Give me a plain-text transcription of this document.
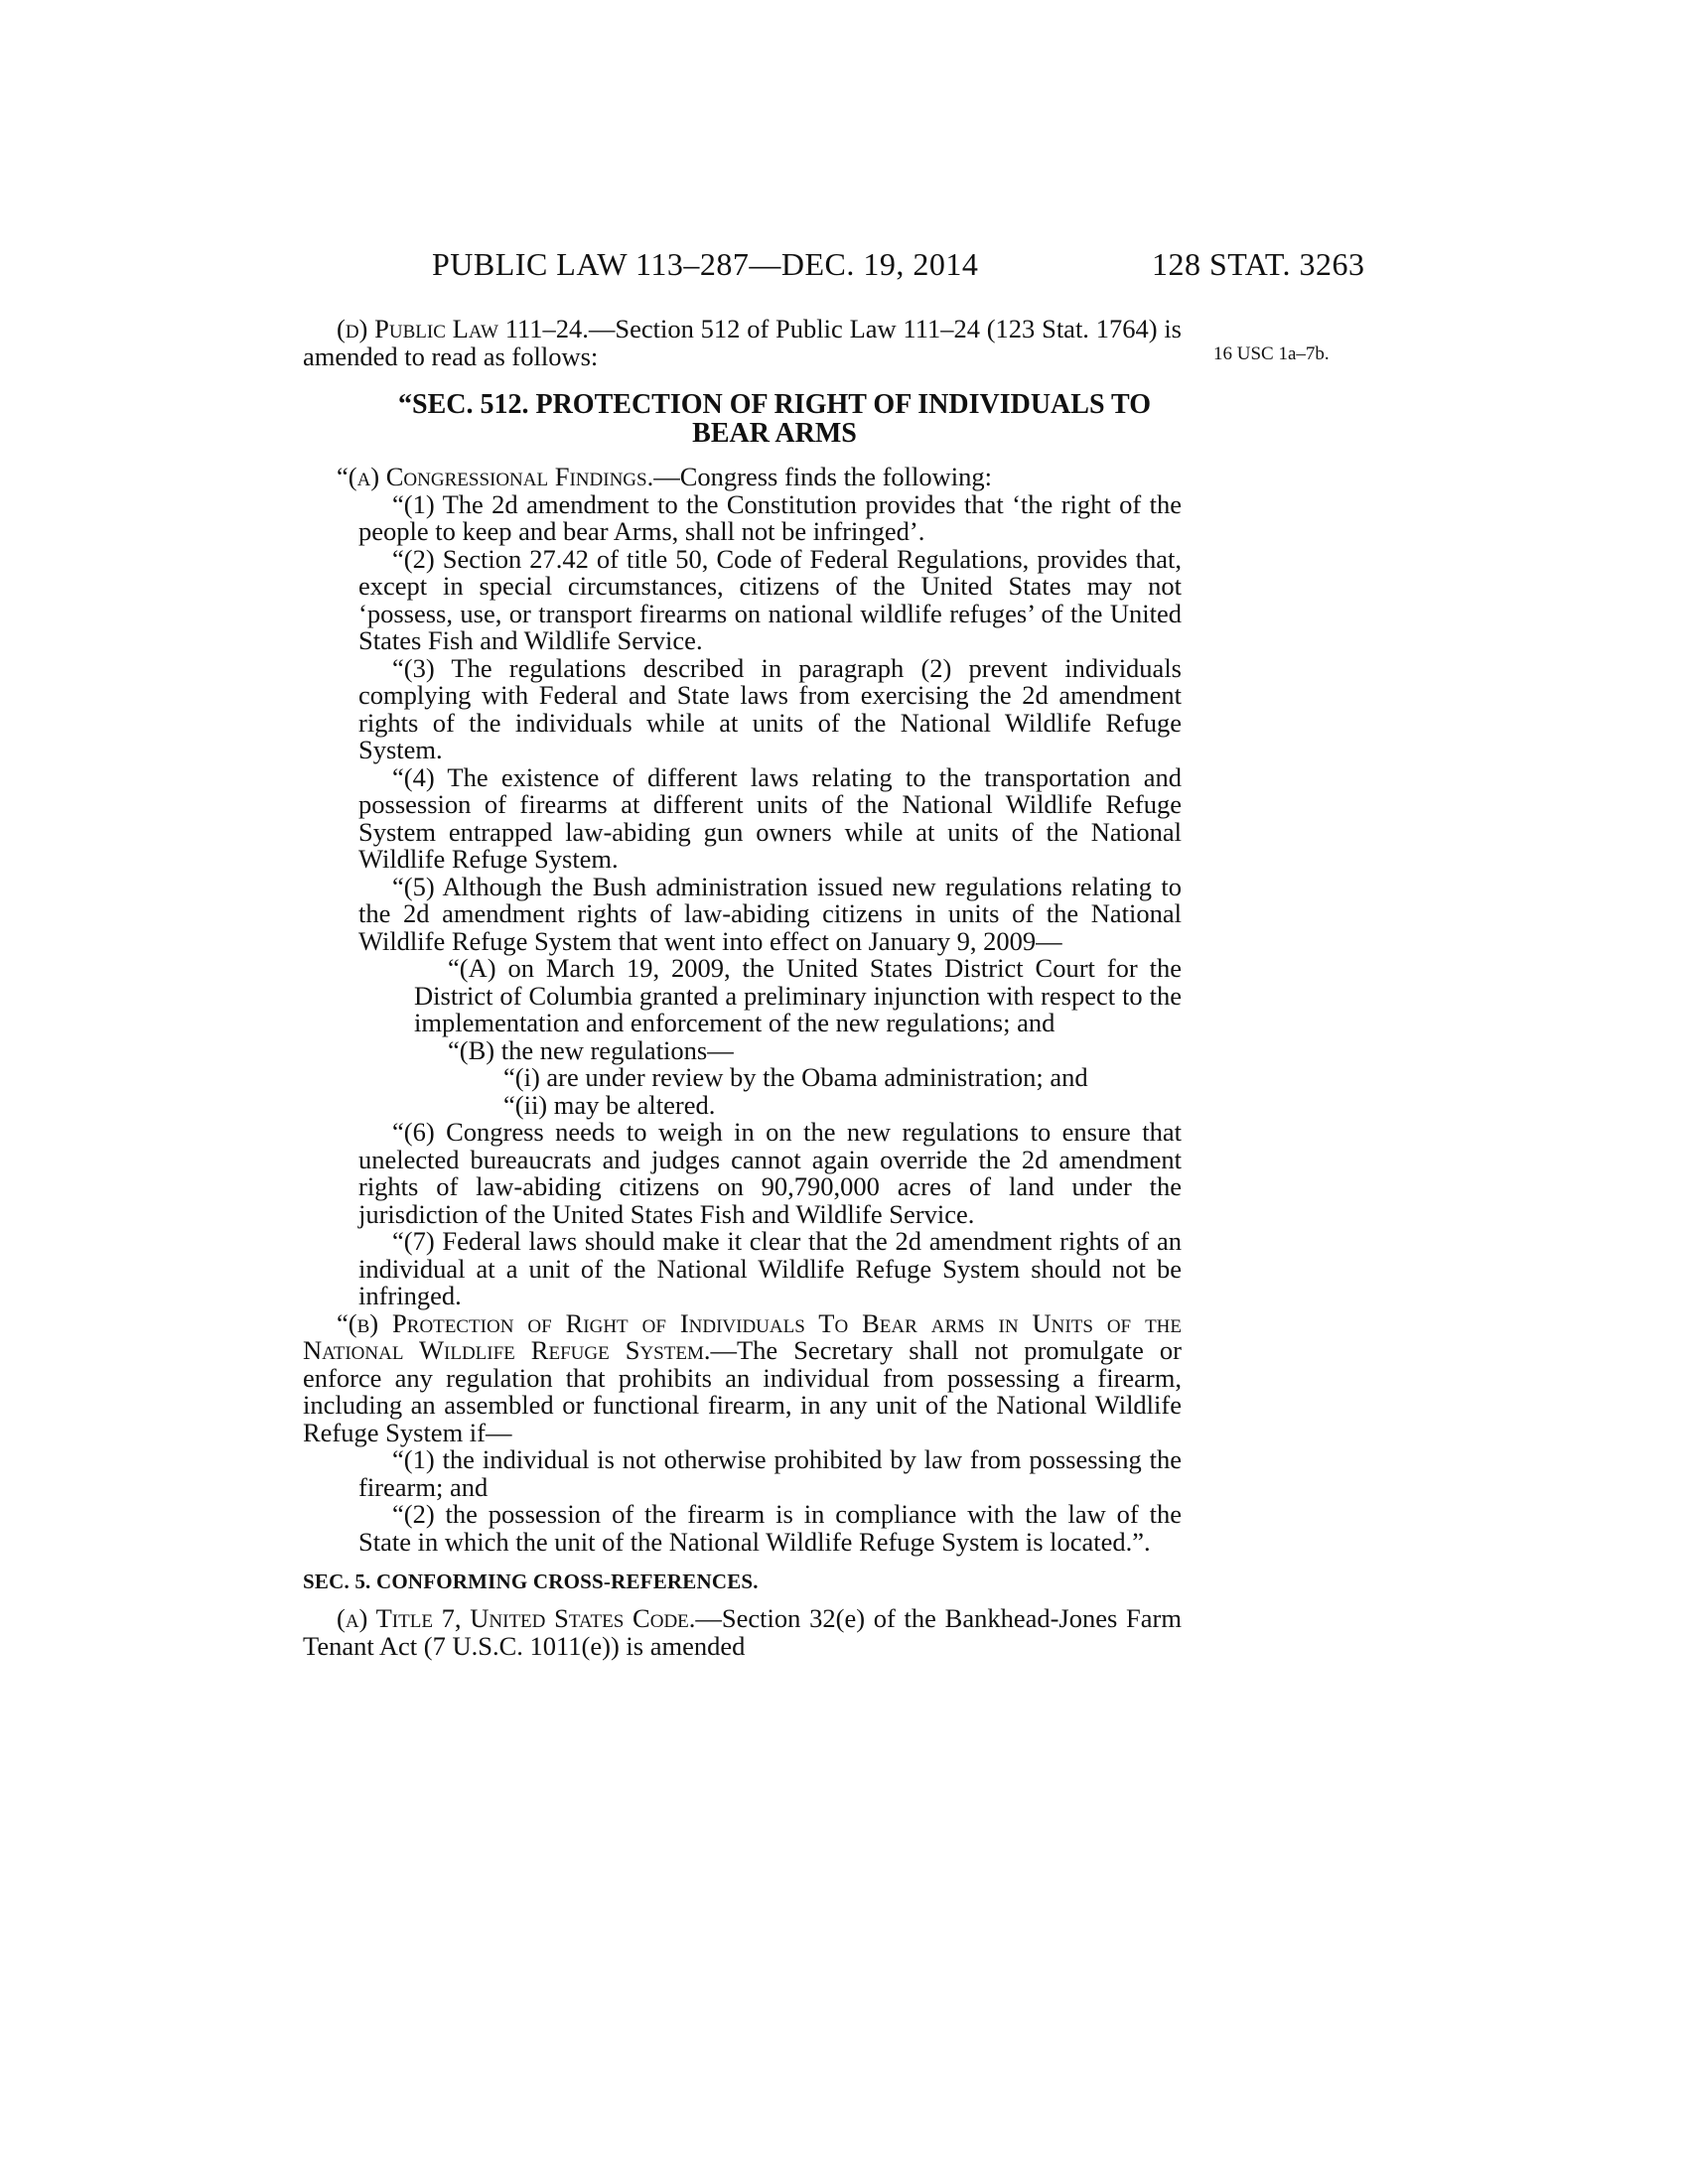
PUBLIC LAW 113–287—DEC. 19, 2014	128 STAT. 3263
16 USC 1a–7b.

(d) Public Law 111–24.—Section 512 of Public Law 111–24 (123 Stat. 1764) is amended to read as follows:

“SEC. 512. PROTECTION OF RIGHT OF INDIVIDUALS TO BEAR ARMS

“(a) Congressional Findings.—Congress finds the following:

“(1) The 2d amendment to the Constitution provides that ‘the right of the people to keep and bear Arms, shall not be infringed’.

“(2) Section 27.42 of title 50, Code of Federal Regulations, provides that, except in special circumstances, citizens of the United States may not ‘possess, use, or transport firearms on national wildlife refuges’ of the United States Fish and Wildlife Service.

“(3) The regulations described in paragraph (2) prevent individuals complying with Federal and State laws from exercising the 2d amendment rights of the individuals while at units of the National Wildlife Refuge System.

“(4) The existence of different laws relating to the transportation and possession of firearms at different units of the National Wildlife Refuge System entrapped law-abiding gun owners while at units of the National Wildlife Refuge System.

“(5) Although the Bush administration issued new regulations relating to the 2d amendment rights of law-abiding citizens in units of the National Wildlife Refuge System that went into effect on January 9, 2009—

“(A) on March 19, 2009, the United States District Court for the District of Columbia granted a preliminary injunction with respect to the implementation and enforcement of the new regulations; and

“(B) the new regulations—

“(i) are under review by the Obama administration; and

“(ii) may be altered.

“(6) Congress needs to weigh in on the new regulations to ensure that unelected bureaucrats and judges cannot again override the 2d amendment rights of law-abiding citizens on 90,790,000 acres of land under the jurisdiction of the United States Fish and Wildlife Service.

“(7) Federal laws should make it clear that the 2d amendment rights of an individual at a unit of the National Wildlife Refuge System should not be infringed.

“(b) Protection of Right of Individuals To Bear arms in Units of the National Wildlife Refuge System.—The Secretary shall not promulgate or enforce any regulation that prohibits an individual from possessing a firearm, including an assembled or functional firearm, in any unit of the National Wildlife Refuge System if—

“(1) the individual is not otherwise prohibited by law from possessing the firearm; and

“(2) the possession of the firearm is in compliance with the law of the State in which the unit of the National Wildlife Refuge System is located.”.

SEC. 5. CONFORMING CROSS-REFERENCES.

(a) Title 7, United States Code.—Section 32(e) of the Bankhead-Jones Farm Tenant Act (7 U.S.C. 1011(e)) is amended
